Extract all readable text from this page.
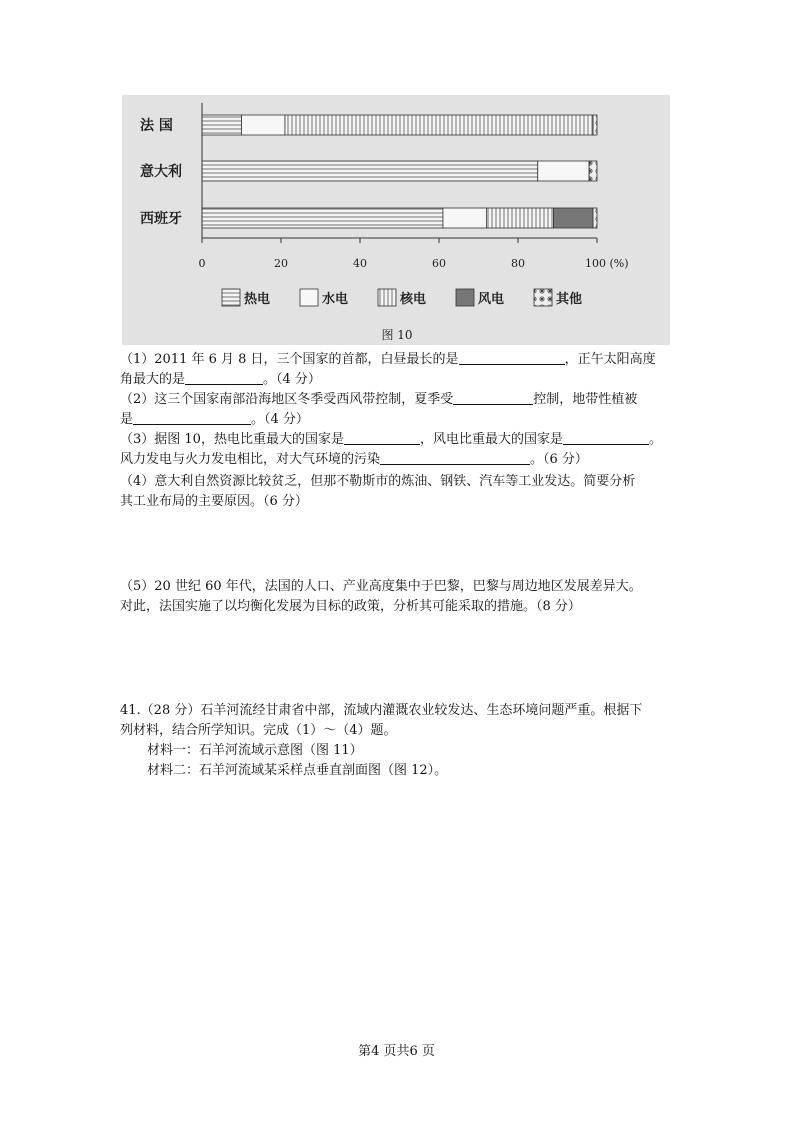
法 国
意大利
西班牙
0	20	40	60	80	100 (%)
热电	水电	核电	风电	其他
图 10

（1）2011 年 6 月 8 日，三个国家的首都，白昼最长的是	，正午太阳高度
角最大的是	。（4 分）

（2）这三个国家南部沿海地区冬季受西风带控制，夏季受	控制，地带性植被
是	。（4 分）

（3）据图 10，热电比重最大的国家是	，风电比重最大的国家是	。
风力发电与火力发电相比，对大气环境的污染	。（6 分）

（4）意大利自然资源比较贫乏，但那不勒斯市的炼油、钢铁、汽车等工业发达。简要分析
其工业布局的主要原因。（6 分）

（5）20 世纪 60 年代，法国的人口、产业高度集中于巴黎，巴黎与周边地区发展差异大。
对此，法国实施了以均衡化发展为目标的政策，分析其可能采取的措施。（8 分）

41.（28 分）石羊河流经甘肃省中部，流域内灌溉农业较发达、生态环境问题严重。根据下
列材料，结合所学知识。完成（1）～（4）题。
材料一：石羊河流域示意图（图 11）
材料二：石羊河流域某采样点垂直剖面图（图 12）。

第4 页共6 页
